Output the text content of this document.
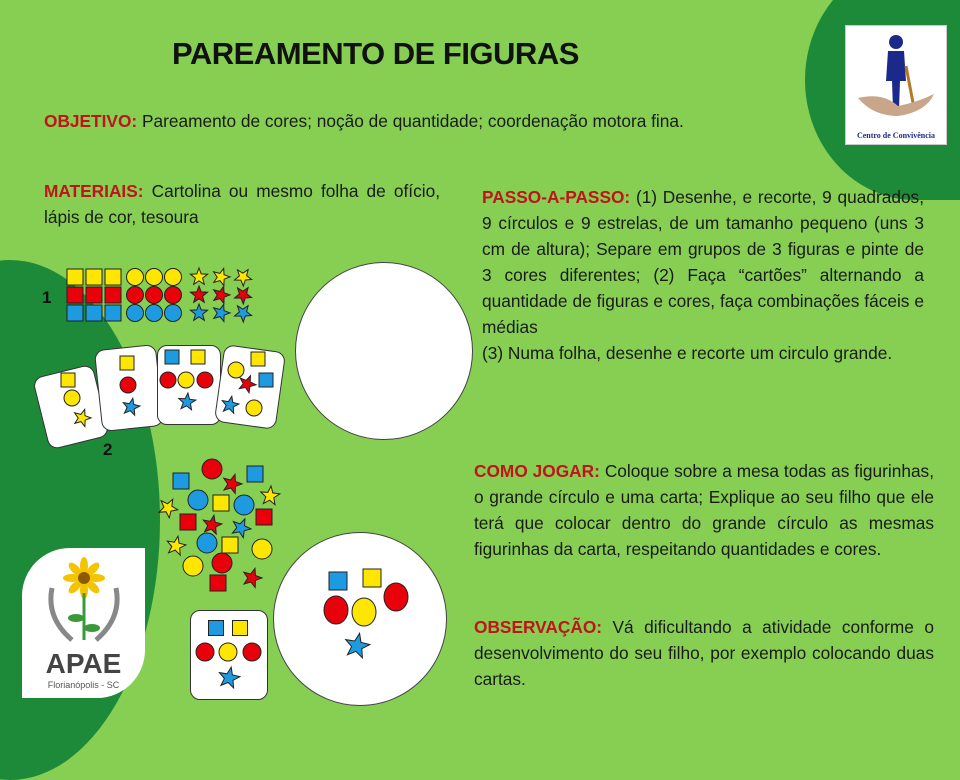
Centro de Convivência
APAE
Florianópolis - SC
PAREAMENTO DE FIGURAS
OBJETIVO: Pareamento de cores; noção de quantidade; coordenação motora fina.
MATERIAIS: Cartolina ou mesmo folha de ofício, lápis de cor, tesoura
PASSO-A-PASSO: (1) Desenhe, e recorte, 9 quadrados, 9 círculos e 9 estrelas, de um tamanho pequeno (uns 3 cm de altura); Separe em grupos de 3 figuras e pinte de 3 cores diferentes; (2) Faça “cartões” alternando a quantidade de figuras e cores, faça combinações fáceis e médias
(3) Numa folha, desenhe e recorte um circulo grande.
COMO JOGAR: Coloque sobre a mesa todas as figurinhas, o grande círculo e uma carta; Explique ao seu filho que ele terá que colocar dentro do grande círculo as mesmas figurinhas da carta, respeitando quantidades e cores.
OBSERVAÇÃO: Vá dificultando a atividade conforme o desenvolvimento do seu filho, por exemplo colocando duas cartas.
1
2
